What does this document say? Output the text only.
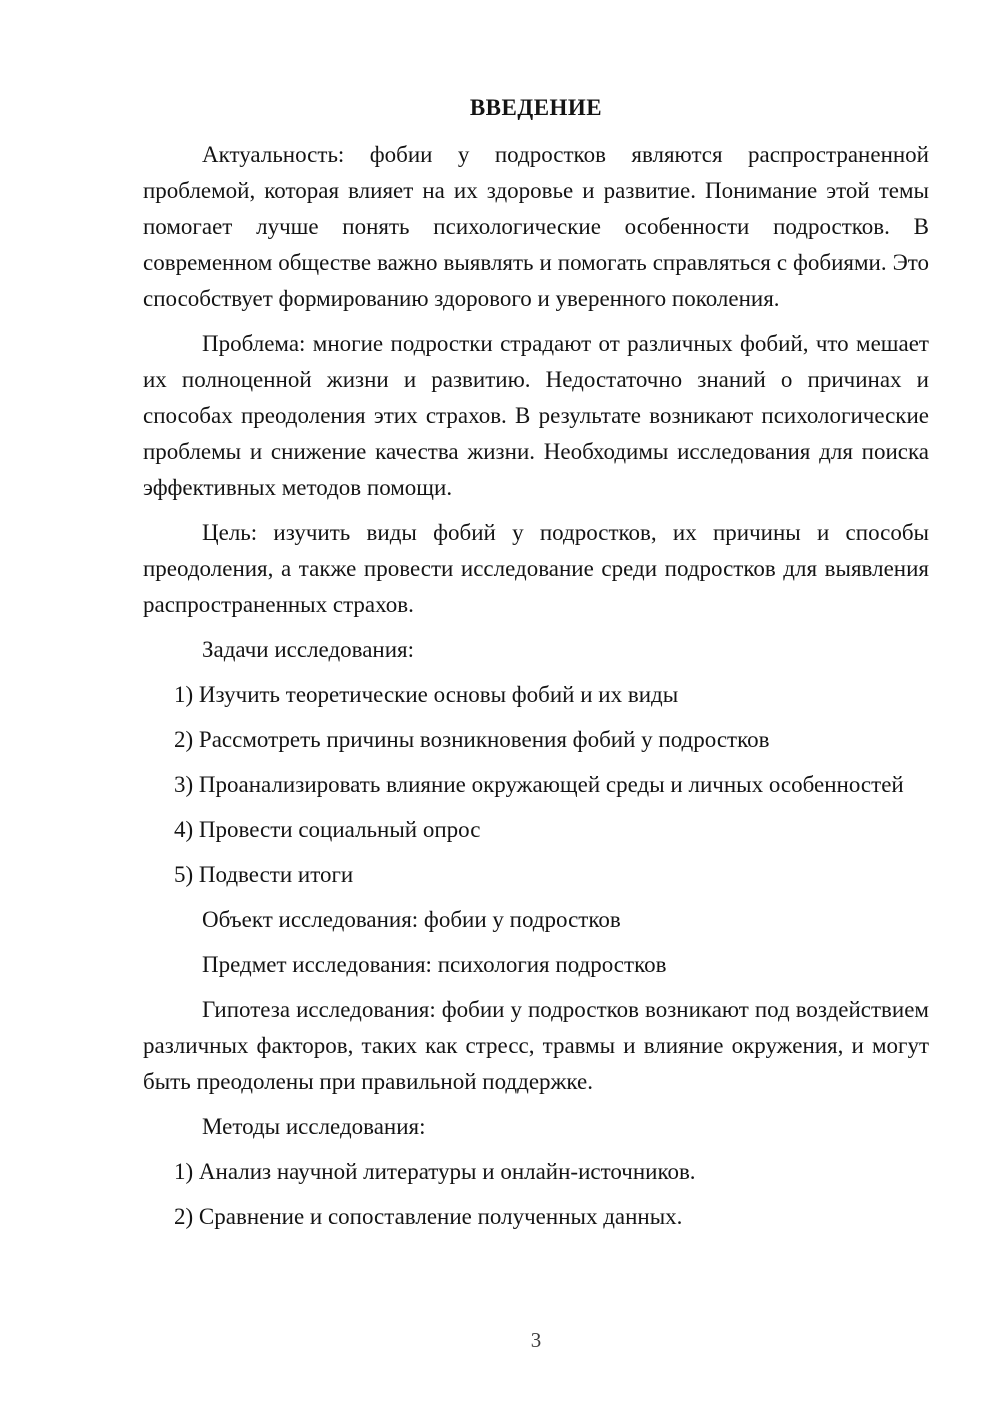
ВВЕДЕНИЕ

Актуальность: фобии у подростков являются распространенной проблемой, которая влияет на их здоровье и развитие. Понимание этой темы помогает лучше понять психологические особенности подростков. В современном обществе важно выявлять и помогать справляться с фобиями. Это способствует формированию здорового и уверенного поколения.

Проблема: многие подростки страдают от различных фобий, что мешает их полноценной жизни и развитию. Недостаточно знаний о причинах и способах преодоления этих страхов. В результате возникают психологические проблемы и снижение качества жизни. Необходимы исследования для поиска эффективных методов помощи.

Цель: изучить виды фобий у подростков, их причины и способы преодоления, а также провести исследование среди подростков для выявления распространенных страхов.

Задачи исследования:

1) Изучить теоретические основы фобий и их виды

2) Рассмотреть причины возникновения фобий у подростков

3) Проанализировать влияние окружающей среды и личных особенностей

4) Провести социальный опрос

5) Подвести итоги

Объект исследования: фобии у подростков

Предмет исследования: психология подростков

Гипотеза исследования: фобии у подростков возникают под воздействием различных факторов, таких как стресс, травмы и влияние окружения, и могут быть преодолены при правильной поддержке.

Методы исследования:

1) Анализ научной литературы и онлайн-источников.

2) Сравнение и сопоставление полученных данных.

3
